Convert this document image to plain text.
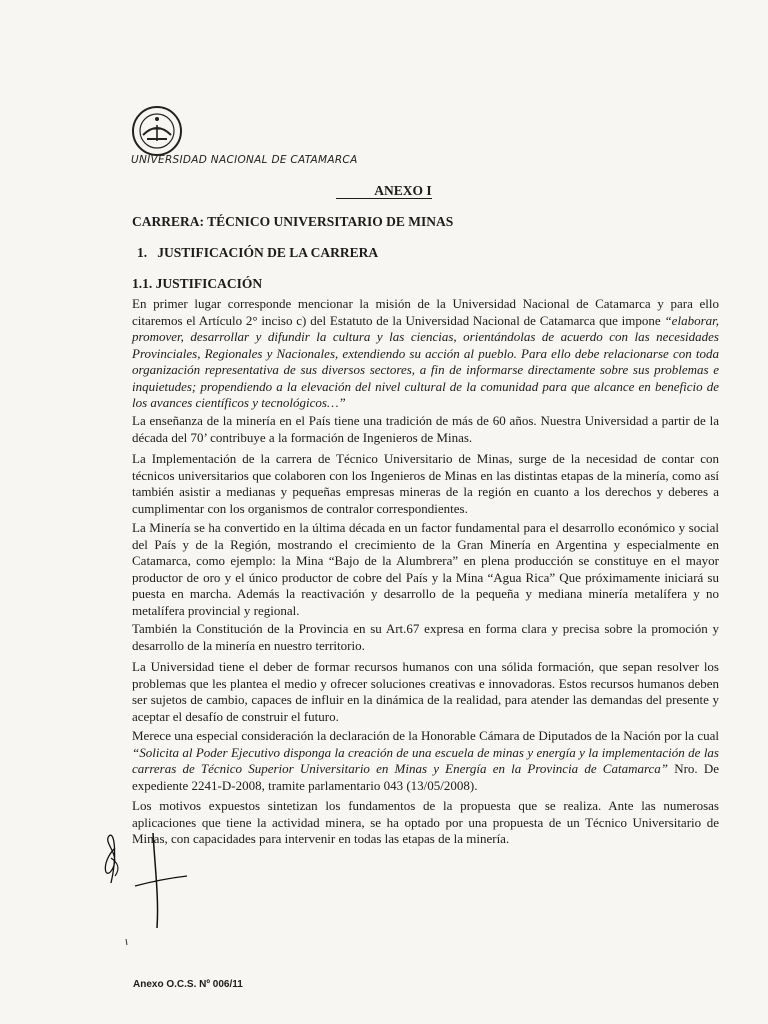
UNIVERSIDAD NACIONAL DE CATAMARCA
ANEXO I
CARRERA: TÉCNICO UNIVERSITARIO DE MINAS
1.   JUSTIFICACIÓN DE LA CARRERA
1.1. JUSTIFICACIÓN

En primer lugar corresponde mencionar la misión de la Universidad Nacional de Catamarca y para ello citaremos el Artículo 2° inciso c) del Estatuto de la Universidad Nacional de Catamarca que impone “elaborar, promover, desarrollar y difundir la cultura y las ciencias, orientándolas de acuerdo con las necesidades Provinciales, Regionales y Nacionales, extendiendo su acción al pueblo. Para ello debe relacionarse con toda organización representativa de sus diversos sectores, a fin de informarse directamente sobre sus problemas e inquietudes; propendiendo a la elevación del nivel cultural de la comunidad para que alcance en beneficio de los avances científicos y tecnológicos…”

La enseñanza de la minería en el País tiene una tradición de más de 60 años. Nuestra Universidad a partir de la década del 70’ contribuye a la formación de Ingenieros de Minas.

La Implementación de la carrera de Técnico Universitario de Minas, surge de la necesidad de contar con técnicos universitarios que colaboren con los Ingenieros de Minas en las distintas etapas de la minería, como así también asistir a medianas y pequeñas empresas mineras de la región en cuanto a los derechos y deberes a cumplimentar con los organismos de contralor correspondientes.

La Minería se ha convertido en la última década en un factor fundamental para el desarrollo económico y social del País y de la Región, mostrando el crecimiento de la Gran Minería en Argentina y especialmente en Catamarca, como ejemplo: la Mina “Bajo de la Alumbrera” en plena producción se constituye en el mayor productor de oro y el único productor de cobre del País y la Mina “Agua Rica” Que próximamente iniciará su puesta en marcha. Además la reactivación y desarrollo de la pequeña y mediana minería metalífera y no metalífera provincial y regional.

También la Constitución de la Provincia en su Art.67 expresa en forma clara y precisa sobre la promoción y desarrollo de la minería en nuestro territorio.

La Universidad tiene el deber de formar recursos humanos con una sólida formación, que sepan resolver los problemas que les plantea el medio y ofrecer soluciones creativas e innovadoras. Estos recursos humanos deben ser sujetos de cambio, capaces de influir en la dinámica de la realidad, para atender las demandas del presente y aceptar el desafío de construir el futuro.

Merece una especial consideración la declaración de la Honorable Cámara de Diputados de la Nación por la cual “Solicita al Poder Ejecutivo disponga la creación de una escuela de minas y energía y la implementación de las carreras de Técnico Superior Universitario en Minas y Energía en la Provincia de Catamarca” Nro. De expediente 2241-D-2008, tramite parlamentario 043 (13/05/2008).

Los motivos expuestos sintetizan los fundamentos de la propuesta que se realiza. Ante las numerosas aplicaciones que tiene la actividad minera, se ha optado por una propuesta de un Técnico Universitario de Minas, con capacidades para intervenir en todas las etapas de la minería.

Anexo O.C.S. Nº 006/11
